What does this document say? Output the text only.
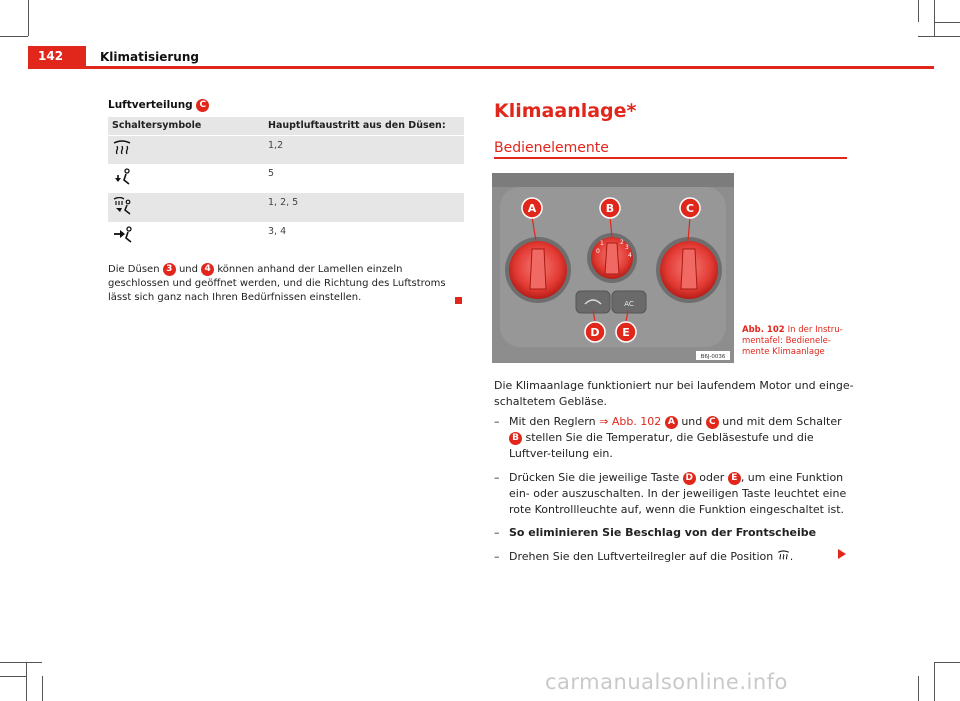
142	Klimatisierung
Luftverteilung C
Schaltersymbole	Hauptluftaustritt aus den Düsen:
	1,2
	5
	1, 2, 5
	3, 4
Die Düsen 3 und 4 können anhand der Lamellen einzeln geschlossen und geöffnet werden, und die Richtung des Luftstroms lässt sich ganz nach Ihren Bedürfnissen einstellen.
Klimaanlage*
Bedienelemente
0
1	2
3
4
AC
A	B	C
D E
B6J-0036
Abb. 102 In der Instru-mentafel: Bedienele-mente Klimaanlage
Die Klimaanlage funktioniert nur bei laufendem Motor und einge-schaltetem Gebläse.
– Mit den Reglern ⇒ Abb. 102 A und C und mit dem Schalter B stellen Sie die Temperatur, die Gebläsestufe und die Luftver-teilung ein.
– Drücken Sie die jeweilige Taste D oder E , um eine Funktion ein- oder auszuschalten. In der jeweiligen Taste leuchtet eine rote Kontrollleuchte auf, wenn die Funktion eingeschaltet ist.
– So eliminieren Sie Beschlag von der Frontscheibe
– Drehen Sie den Luftverteilregler auf die Position .
carmanualsonline.info
